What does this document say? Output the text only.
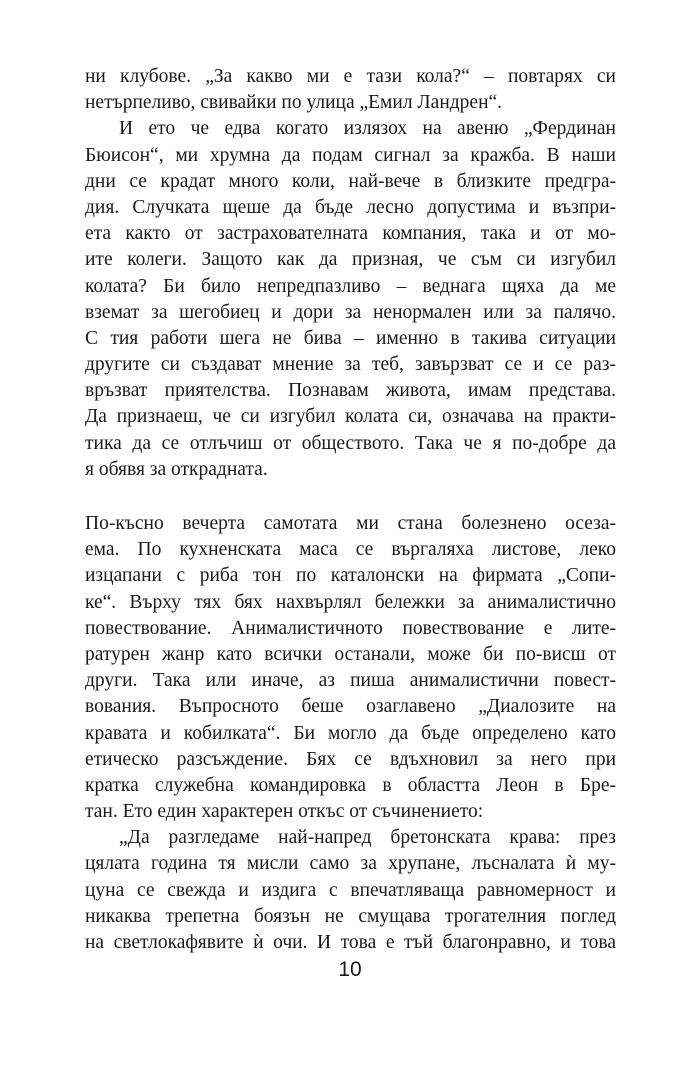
ни клубове. „За какво ми е тази кола?“ – повтарях си
нетърпеливо, свивайки по улица „Емил Ландрен“.
И ето че едва когато излязох на авеню „Фердинан
Бюисон“, ми хрумна да подам сигнал за кражба. В наши
дни се крадат много коли, най-вече в близките предгра-
дия. Случката щеше да бъде лесно допустима и възпри-
ета както от застрахователната компания, така и от мо-
ите колеги. Защото как да призная, че съм си изгубил
колата? Би било непредпазливо – веднага щяха да ме
вземат за шегобиец и дори за ненормален или за палячо.
С тия работи шега не бива – именно в такива ситуации
другите си създават мнение за теб, завързват се и се раз-
връзват приятелства. Познавам живота, имам представа.
Да признаеш, че си изгубил колата си, означава на практи-
тика да се отлъчиш от обществото. Така че я по-добре да
я обявя за открадната.
По-късно вечерта самотата ми стана болезнено осеза-
ема. По кухненската маса се въргаляха листове, леко
изцапани с риба тон по каталонски на фирмата „Сопи-
ке“. Върху тях бях нахвърлял бележки за анималистично
повествование. Анималистичното повествование е лите-
ратурен жанр като всички останали, може би по-висш от
други. Така или иначе, аз пиша анималистични повест-
вования. Въпросното беше озаглавено „Диалозите на
кравата и кобилката“. Би могло да бъде определено като
етическо разсъждение. Бях се вдъхновил за него при
кратка служебна командировка в областта Леон в Бре-
тан. Ето един характерен откъс от съчинението:
„Да разгледаме най-напред бретонската крава: през
цялата година тя мисли само за хрупане, лъсналата ѝ му-
цуна се свежда и издига с впечатляваща равномерност и
никаква трепетна боязън не смущава трогателния поглед
на светлокафявите ѝ очи. И това е тъй благонравно, и това
10
